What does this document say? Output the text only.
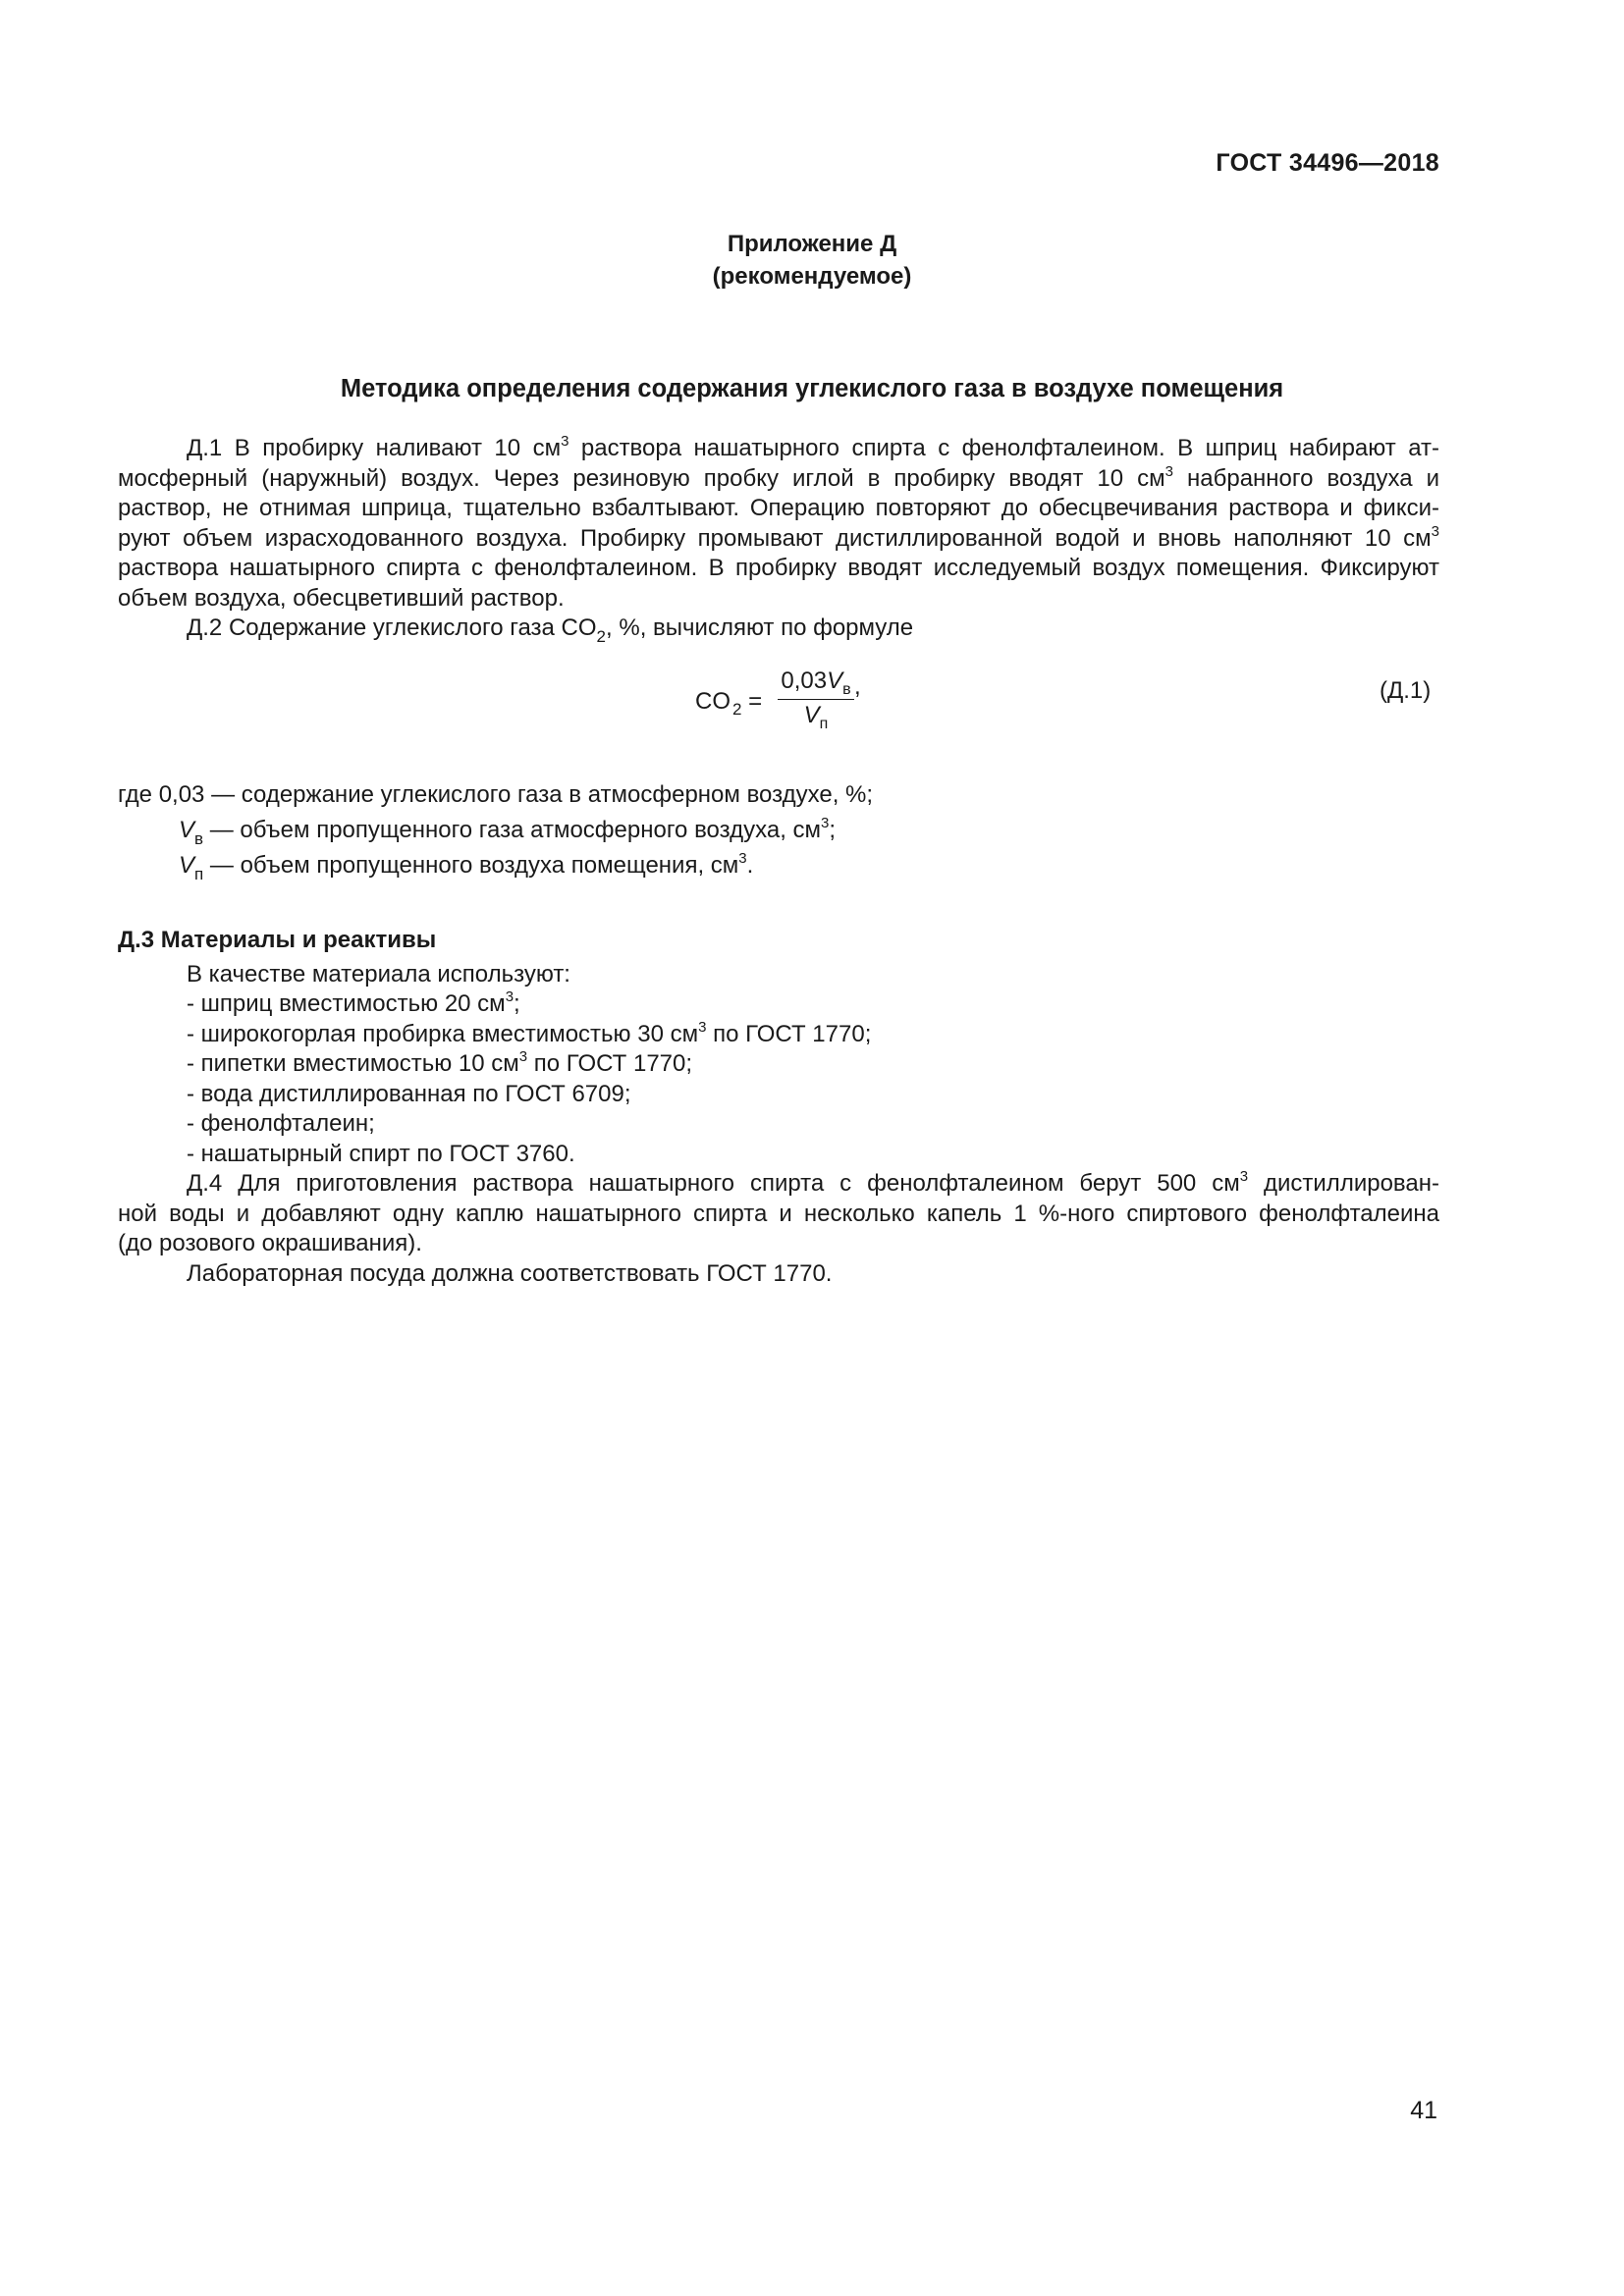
ГОСТ 34496—2018
Приложение Д
(рекомендуемое)
Методика определения содержания углекислого газа в воздухе помещения

Д.1 В пробирку наливают 10 $см^3$ раствора нашатырного спирта с фенолфталеином. В шприц набирают ат-

мосферный (наружный) воздух. Через резиновую пробку иглой в пробирку вводят 10 $см^3$ набранного воздуха и

раствор, не отнимая шприца, тщательно взбалтывают. Операцию повторяют до обесцвечивания раствора и фикси-

руют объем израсходованного воздуха. Пробирку промывают дистиллированной водой и вновь наполняют 10 $см^3$

раствора нашатырного спирта с фенолфталеином. В пробирку вводят исследуемый воздух помещения. Фиксируют

объем воздуха, обесцветивший раствор.

Д.2 Содержание углекислого газа $CO_2$, %, вычисляют по формуле

CO  $_2$ =
$0,03V_в$
$V_п$
,	(Д.1)
где 0,03 — содержание углекислого газа в атмосферном воздухе, %;
$V_в$ — объем пропущенного газа атмосферного воздуха, $см^3$;
$V_п$ — объем пропущенного воздуха помещения, $см^3$.
Д.3 Материалы и реактивы
В качестве материала используют:
- шприц вместимостью 20 $см^3$;
- широкогорлая пробирка вместимостью 30 $см^3$ по ГОСТ 1770;
- пипетки вместимостью 10 $см^3$ по ГОСТ 1770;
- вода дистиллированная по ГОСТ 6709;
- фенолфталеин;
- нашатырный спирт по ГОСТ 3760.

Д.4 Для приготовления раствора нашатырного спирта с фенолфталеином берут 500 $см^3$ дистиллирован-

ной воды и добавляют одну каплю нашатырного спирта и несколько капель 1 %-ного спиртового фенолфталеина

(до розового окрашивания).

Лабораторная посуда должна соответствовать ГОСТ 1770.

41
